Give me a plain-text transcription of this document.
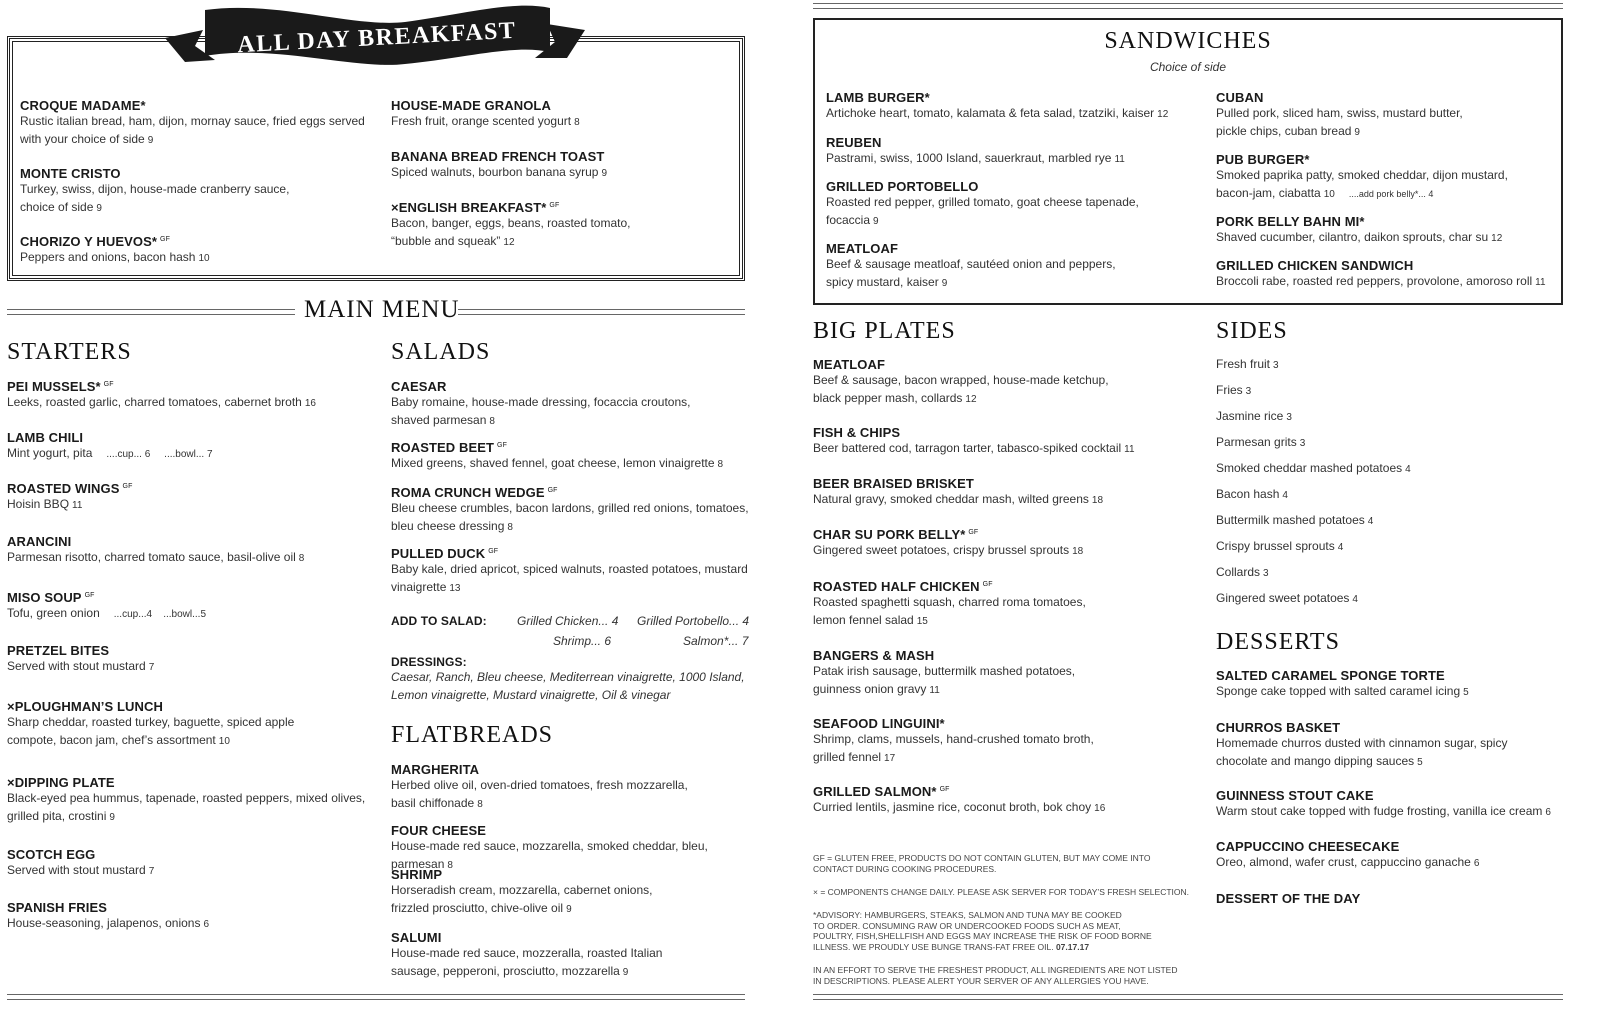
ALL DAY BREAKFAST
CROQUE MADAME*
Rustic italian bread, ham, dijon, mornay sauce, fried eggs served
with your choice of side 9
MONTE CRISTO
Turkey, swiss, dijon, house-made cranberry sauce,
choice of side 9
CHORIZO Y HUEVOS* $^{GF}$
Peppers and onions, bacon hash 10
HOUSE-MADE GRANOLA
Fresh fruit, orange scented yogurt 8
BANANA BREAD FRENCH TOAST
Spiced walnuts, bourbon banana syrup 9
×ENGLISH BREAKFAST* $^{GF}$
Bacon, banger, eggs, beans, roasted tomato,
“bubble and squeak” 12
MAIN MENU
STARTERS
PEI MUSSELS* $^{GF}$
Leeks, roasted garlic, charred tomatoes, cabernet broth 16
LAMB CHILI
Mint yogurt, pita ....cup... 6     ....bowl... 7
ROASTED WINGS $^{GF}$
Hoisin BBQ 11
ARANCINI
Parmesan risotto, charred tomato sauce, basil-olive oil 8
MISO SOUP $^{GF}$
Tofu, green onion ...cup...4    ...bowl...5
PRETZEL BITES
Served with stout mustard 7
×PLOUGHMAN’S LUNCH
Sharp cheddar, roasted turkey, baguette, spiced apple
compote, bacon jam, chef’s assortment 10
×DIPPING PLATE
Black-eyed pea hummus, tapenade, roasted peppers, mixed olives,
grilled pita, crostini 9
SCOTCH EGG
Served with stout mustard 7
SPANISH FRIES
House-seasoning, jalapenos, onions 6
SALADS
CAESAR
Baby romaine, house-made dressing, focaccia croutons,
shaved parmesan 8
ROASTED BEET $^{GF}$
Mixed greens, shaved fennel, goat cheese, lemon vinaigrette 8
ROMA CRUNCH WEDGE $^{GF}$
Bleu cheese crumbles, bacon lardons, grilled red onions, tomatoes,
bleu cheese dressing 8
PULLED DUCK $^{GF}$
Baby kale, dried apricot, spiced walnuts, roasted potatoes, mustard
vinaigrette 13
ADD TO SALAD:	Grilled Chicken... 4 Grilled Portobello... 4
Shrimp... 6	Salmon*... 7
DRESSINGS:
Caesar, Ranch, Bleu cheese, Mediterrean vinaigrette, 1000 Island,
Lemon vinaigrette, Mustard vinaigrette, Oil & vinegar
FLATBREADS
MARGHERITA
Herbed olive oil, oven-dried tomatoes, fresh mozzarella,
basil chiffonade 8
FOUR CHEESE
House-made red sauce, mozzarella, smoked cheddar, bleu, parmesan 8
SHRIMP
Horseradish cream, mozzarella, cabernet onions,
frizzled prosciutto, chive-olive oil 9
SALUMI
House-made red sauce, mozzeralla, roasted Italian
sausage, pepperoni, prosciutto, mozzarella 9
SANDWICHES
Choice of side
LAMB BURGER*
Artichoke heart, tomato, kalamata & feta salad, tzatziki, kaiser 12
REUBEN
Pastrami, swiss, 1000 Island, sauerkraut, marbled rye 11
GRILLED PORTOBELLO
Roasted red pepper, grilled tomato, goat cheese tapenade,
focaccia 9
MEATLOAF
Beef & sausage meatloaf, sautéed onion and peppers,
spicy mustard, kaiser 9
CUBAN
Pulled pork, sliced ham, swiss, mustard butter,
pickle chips, cuban bread 9
PUB BURGER*
Smoked paprika patty, smoked cheddar, dijon mustard,
bacon-jam, ciabatta 10 ....add pork belly*... 4
PORK BELLY BAHN MI*
Shaved cucumber, cilantro, daikon sprouts, char su 12
GRILLED CHICKEN SANDWICH
Broccoli rabe, roasted red peppers, provolone, amoroso roll 11
BIG PLATES
MEATLOAF
Beef & sausage, bacon wrapped, house-made ketchup,
black pepper mash, collards 12
FISH & CHIPS
Beer battered cod, tarragon tarter, tabasco-spiked cocktail 11
BEER BRAISED BRISKET
Natural gravy, smoked cheddar mash, wilted greens 18
CHAR SU PORK BELLY* $^{GF}$
Gingered sweet potatoes, crispy brussel sprouts 18
ROASTED HALF CHICKEN $^{GF}$
Roasted spaghetti squash, charred roma tomatoes,
lemon fennel salad 15
BANGERS & MASH
Patak irish sausage, buttermilk mashed potatoes,
guinness onion gravy 11
SEAFOOD LINGUINI*
Shrimp, clams, mussels, hand-crushed tomato broth,
grilled fennel 17
GRILLED SALMON* $^{GF}$
Curried lentils, jasmine rice, coconut broth, bok choy 16
GF = GLUTEN FREE, PRODUCTS DO NOT CONTAIN GLUTEN, BUT MAY COME INTO
CONTACT DURING COOKING PROCEDURES.
× = COMPONENTS CHANGE DAILY. PLEASE ASK SERVER FOR TODAY’S FRESH SELECTION.
*ADVISORY: HAMBURGERS, STEAKS, SALMON AND TUNA MAY BE COOKED
TO ORDER. CONSUMING RAW OR UNDERCOOKED FOODS SUCH AS MEAT,
POULTRY, FISH,SHELLFISH AND EGGS MAY INCREASE THE RISK OF FOOD BORNE
ILLNESS. WE PROUDLY USE BUNGE TRANS-FAT FREE OIL. 07.17.17
IN AN EFFORT TO SERVE THE FRESHEST PRODUCT, ALL INGREDIENTS ARE NOT LISTED
IN DESCRIPTIONS. PLEASE ALERT YOUR SERVER OF ANY ALLERGIES YOU HAVE.
SIDES
Fresh fruit 3
Fries 3
Jasmine rice 3
Parmesan grits 3
Smoked cheddar mashed potatoes 4
Bacon hash 4
Buttermilk mashed potatoes 4
Crispy brussel sprouts 4
Collards 3
Gingered sweet potatoes 4
DESSERTS
SALTED CARAMEL SPONGE TORTE
Sponge cake topped with salted caramel icing 5
CHURROS BASKET
Homemade churros dusted with cinnamon sugar, spicy
chocolate and mango dipping sauces 5
GUINNESS STOUT CAKE
Warm stout cake topped with fudge frosting, vanilla ice cream 6
CAPPUCCINO CHEESECAKE
Oreo, almond, wafer crust, cappuccino ganache 6
DESSERT OF THE DAY
